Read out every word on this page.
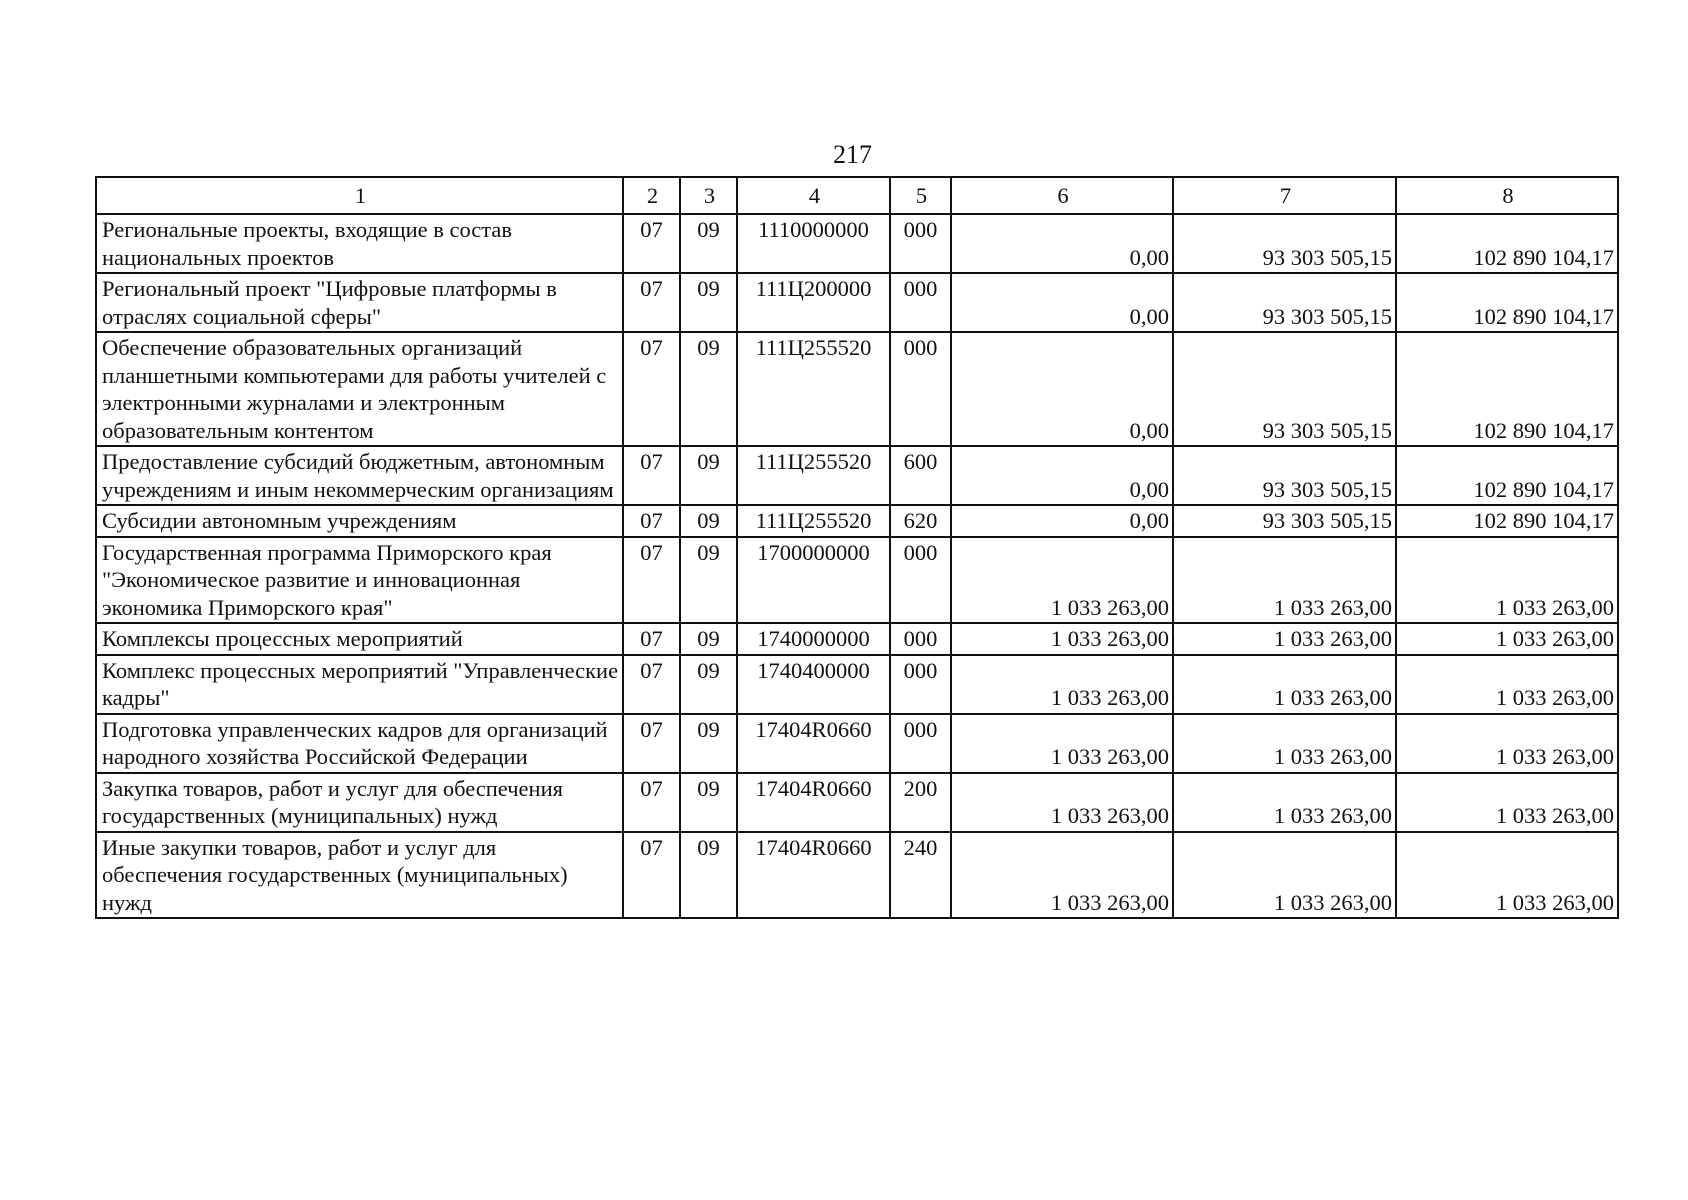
217
1	2	3	4	5	6	7	8
Региональные проекты, входящие в состав национальных проектов	07	09	1110000000	000	0,00	93 303 505,15	102 890 104,17
Региональный проект "Цифровые платформы в отраслях социальной сферы"	07	09	111Ц200000	000	0,00	93 303 505,15	102 890 104,17
Обеспечение образовательных организаций планшетными компьютерами для работы учителей с электронными журналами и электронным образовательным контентом	07	09	111Ц255520	000	0,00	93 303 505,15	102 890 104,17
Предоставление субсидий бюджетным, автономным учреждениям и иным некоммерческим организациям	07	09	111Ц255520	600	0,00	93 303 505,15	102 890 104,17
Субсидии автономным учреждениям	07	09	111Ц255520	620	0,00	93 303 505,15	102 890 104,17
Государственная программа Приморского края "Экономическое развитие и инновационная экономика Приморского края"	07	09	1700000000	000	1 033 263,00	1 033 263,00	1 033 263,00
Комплексы процессных мероприятий	07	09	1740000000	000	1 033 263,00	1 033 263,00	1 033 263,00
Комплекс процессных мероприятий "Управленческие кадры"	07	09	1740400000	000	1 033 263,00	1 033 263,00	1 033 263,00
Подготовка управленческих кадров для организаций народного хозяйства Российской Федерации	07	09	17404R0660	000	1 033 263,00	1 033 263,00	1 033 263,00
Закупка товаров, работ и услуг для обеспечения государственных (муниципальных) нужд	07	09	17404R0660	200	1 033 263,00	1 033 263,00	1 033 263,00
Иные закупки товаров, работ и услуг для обеспечения государственных (муниципальных) нужд	07	09	17404R0660	240	1 033 263,00	1 033 263,00	1 033 263,00
